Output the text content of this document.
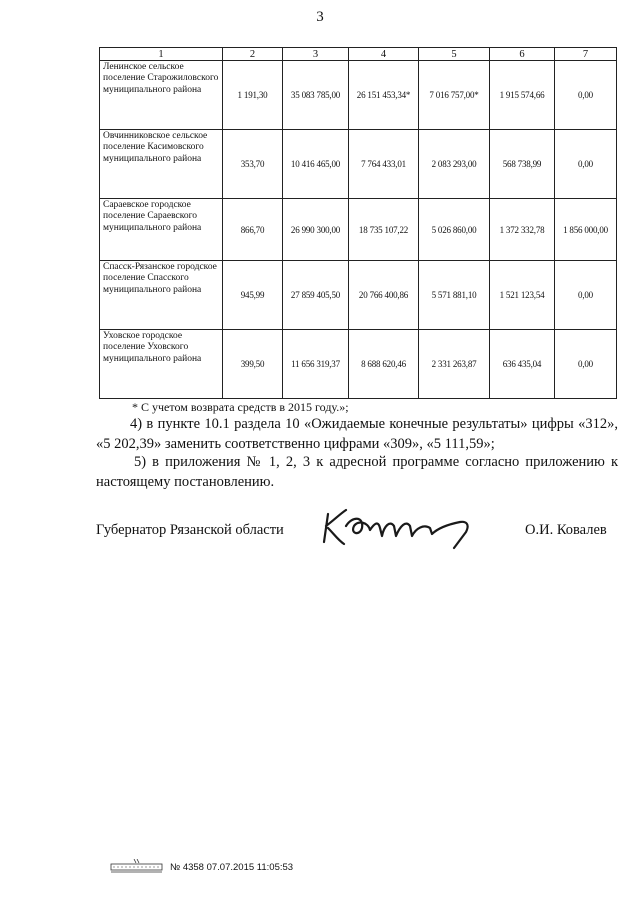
3
1	2	3	4	5	6	7
Ленинское сельское поселение Старожиловского муниципального района	1 191,30	35 083 785,00	26 151 453,34*	7 016 757,00*	1 915 574,66	0,00
Овчинниковское сельское поселение Касимовского муниципального района	353,70	10 416 465,00	7 764 433,01	2 083 293,00	568 738,99	0,00
Сараевское городское поселение Сараевского муниципального района	866,70	26 990 300,00	18 735 107,22	5 026 860,00	1 372 332,78	1 856 000,00
Спасск-Рязанское городское поселение Спасского муниципального района	945,99	27 859 405,50	20 766 400,86	5 571 881,10	1 521 123,54	0,00
Уховское городское поселение Уховского муниципального района	399,50	11 656 319,37	8 688 620,46	2 331 263,87	636 435,04	0,00
* С учетом возврата средств в 2015 году.»;
4) в пункте 10.1 раздела 10 «Ожидаемые конечные результаты» цифры «312», «5 202,39» заменить соответственно цифрами «309», «5 111,59»;
5) в приложения № 1, 2, 3 к адресной программе согласно приложению к настоящему постановлению.
Губернатор Рязанской области	О.И. Ковалев
№ 4358 07.07.2015 11:05:53
